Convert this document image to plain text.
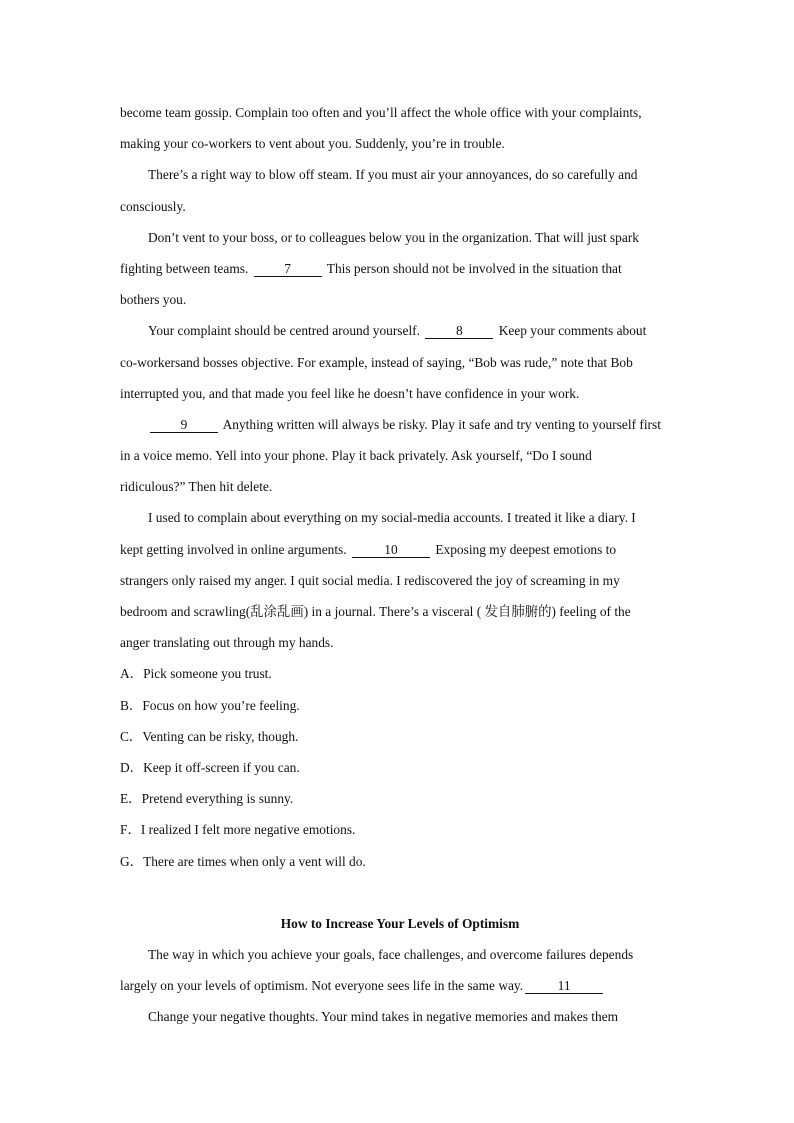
become team gossip. Complain too often and you’ll affect the whole office with your complaints,
making your co-workers to vent about you. Suddenly, you’re in trouble.
There’s a right way to blow off steam. If you must air your annoyances, do so carefully and
consciously.
Don’t vent to your boss, or to colleagues below you in the organization. That will just spark
fighting between teams.	7	This person should not be involved in the situation that
bothers you.
Your complaint should be centred around yourself.	8	Keep your comments about
co-workersand bosses objective. For example, instead of saying, “Bob was rude,” note that Bob
interrupted you, and that made you feel like he doesn’t have confidence in your work.
9	Anything written will always be risky. Play it safe and try venting to yourself first
in a voice memo. Yell into your phone. Play it back privately. Ask yourself, “Do I sound
ridiculous?” Then hit delete.
I used to complain about everything on my social-media accounts. I treated it like a diary. I
kept getting involved in online arguments.	10	Exposing my deepest emotions to
strangers only raised my anger. I quit social media. I rediscovered the joy of screaming in my
bedroom and scrawling(乱涂乱画) in a journal. There’s a visceral ( 发自肺腑的) feeling of the
anger translating out through my hands.
A．Pick someone you trust.
B．Focus on how you’re feeling.
C．Venting can be risky, though.
D．Keep it off-screen if you can.
E．Pretend everything is sunny.
F．I realized I felt more negative emotions.
G．There are times when only a vent will do.
How to Increase Your Levels of Optimism
The way in which you achieve your goals, face challenges, and overcome failures depends
largely on your levels of optimism. Not everyone sees life in the same way.	11
Change your negative thoughts. Your mind takes in negative memories and makes them
